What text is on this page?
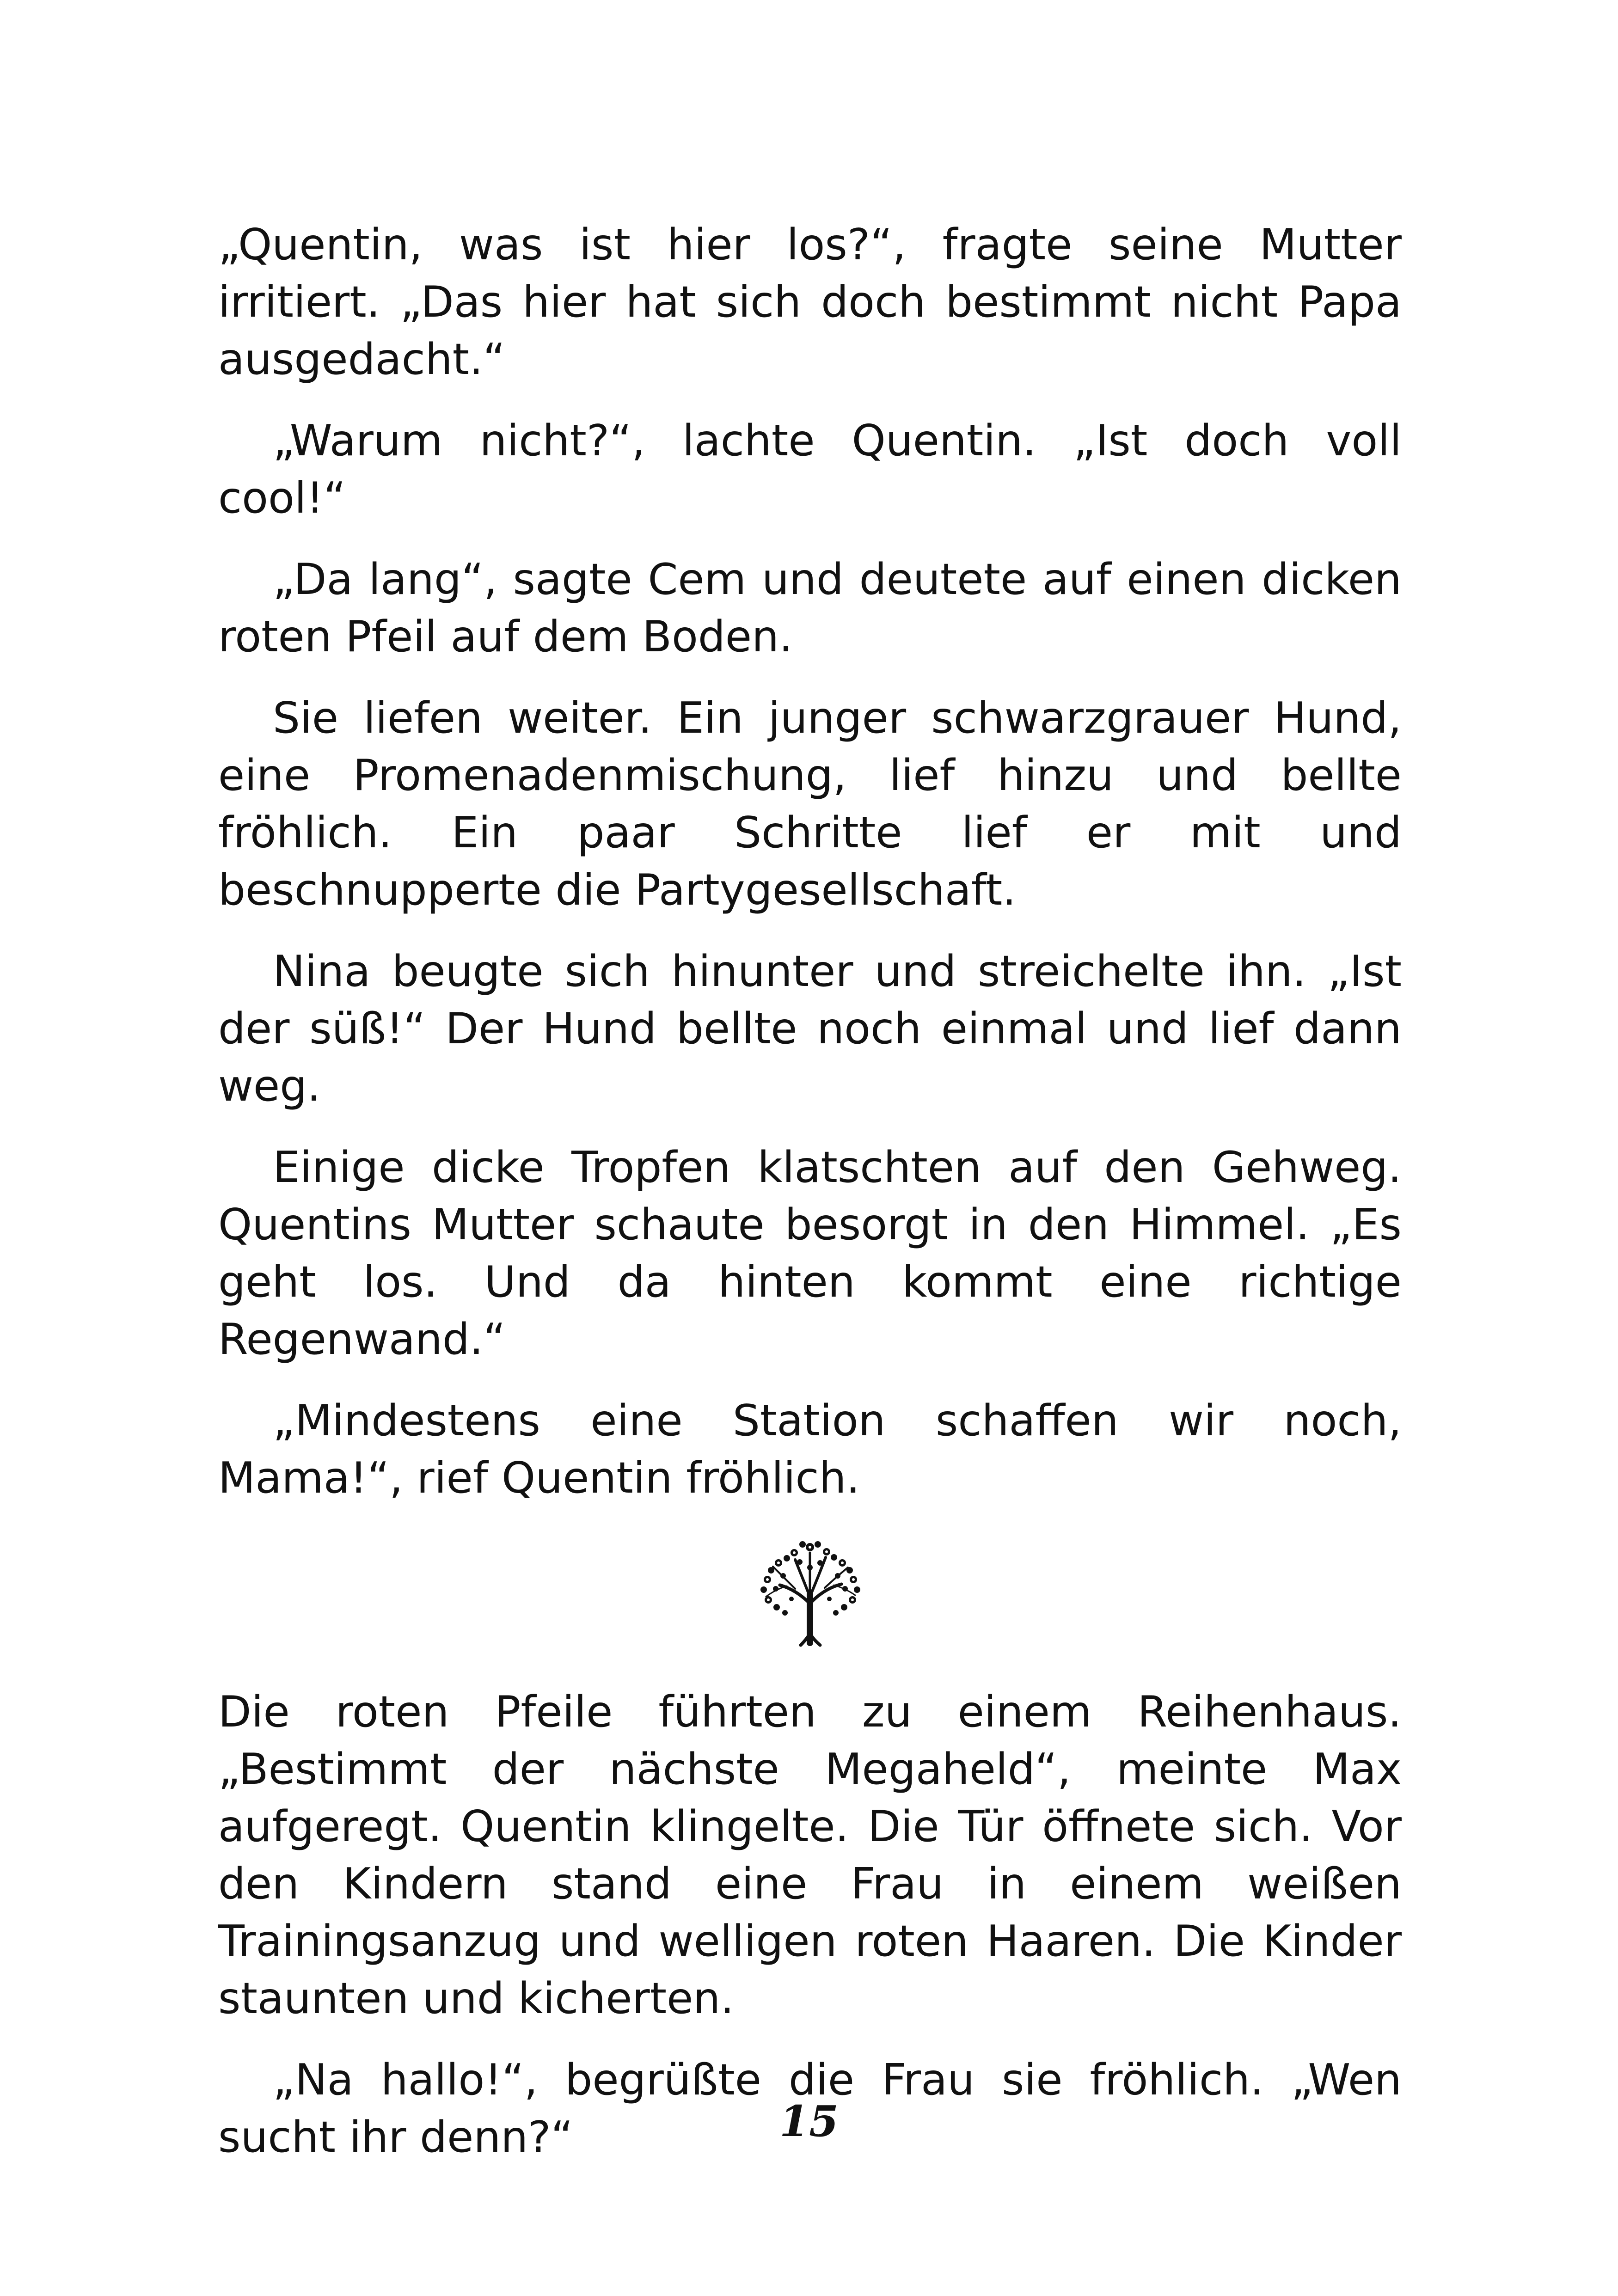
„Quentin, was ist hier los?“, fragte seine Mutter irritiert. „Das hier hat sich doch bestimmt nicht Papa ausgedacht.“

„Warum nicht?“, lachte Quentin. „Ist doch voll cool!“

„Da lang“, sagte Cem und deutete auf einen dicken roten Pfeil auf dem Boden.

Sie liefen weiter. Ein junger schwarzgrauer Hund, eine Promenadenmischung, lief hinzu und bellte fröhlich. Ein paar Schritte lief er mit und beschnupperte die Partygesellschaft.

Nina beugte sich hinunter und streichelte ihn. „Ist der süß!“ Der Hund bellte noch einmal und lief dann weg.

Einige dicke Tropfen klatschten auf den Gehweg. Quentins Mutter schaute besorgt in den Himmel. „Es geht los. Und da hinten kommt eine richtige Regenwand.“

„Mindestens eine Station schaffen wir noch, Mama!“, rief Quentin fröhlich.

Die roten Pfeile führten zu einem Reihenhaus. „Bestimmt der nächste Megaheld“, meinte Max aufgeregt. Quentin klingelte. Die Tür öffnete sich. Vor den Kindern stand eine Frau in einem weißen Trainingsanzug und welligen roten Haaren. Die Kinder staunten und kicherten.

„Na hallo!“, begrüßte die Frau sie fröhlich. „Wen sucht ihr denn?“	15
